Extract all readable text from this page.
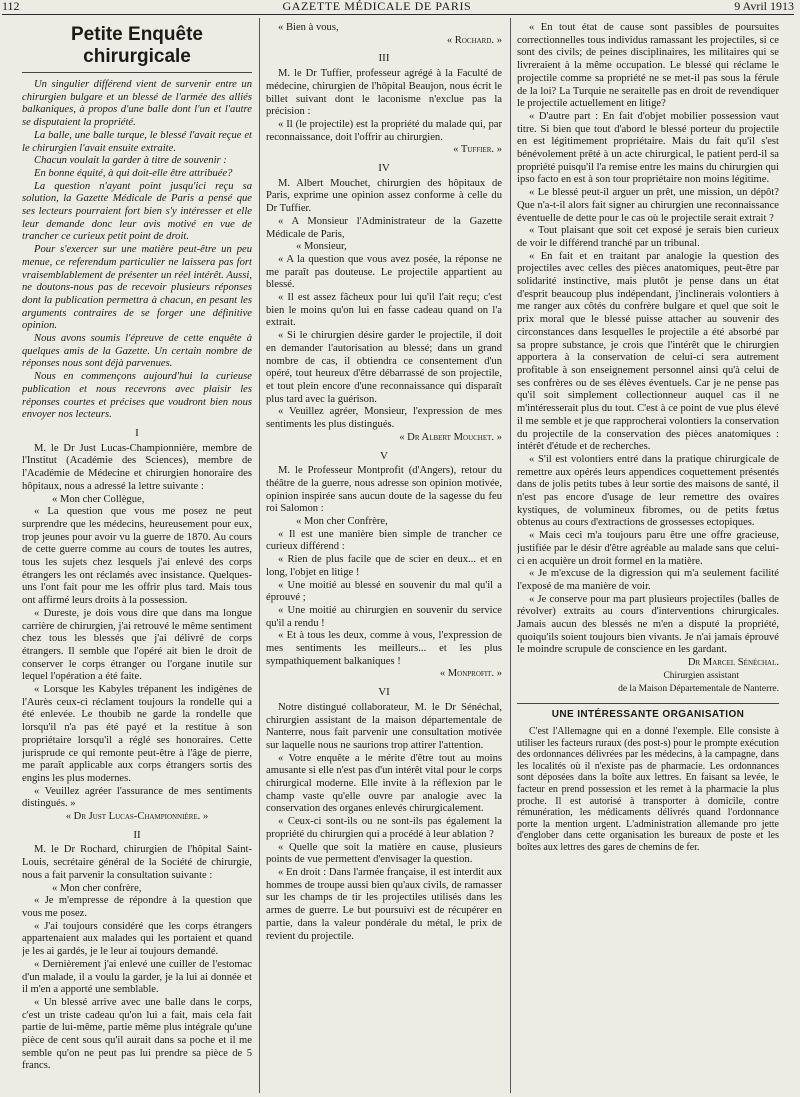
112	GAZETTE MÉDICALE DE PARIS	9 Avril 1913
Petite Enquête chirurgicale

Un singulier différend vient de survenir entre un chirurgien bulgare et un blessé de l'armée des alliés balkaniques, à propos d'une balle dont l'un et l'autre se disputaient la propriété.

La balle, une balle turque, le blessé l'avait reçue et le chirurgien l'avait ensuite extraite.

Chacun voulait la garder à titre de souvenir :

En bonne équité, à qui doit-elle être attribuée?

La question n'ayant point jusqu'ici reçu sa solution, la Gazette Médicale de Paris a pensé que ses lecteurs pourraient fort bien s'y intéresser et elle leur demande donc leur avis motivé en vue de trancher ce curieux petit point de droit.

Pour s'exercer sur une matière peut-être un peu menue, ce referendum particulier ne laissera pas fort vraisemblablement de présenter un réel intérêt. Aussi, ne doutons-nous pas de recevoir plusieurs réponses dont la publication permettra à chacun, en pesant les arguments contraires de se forger une définitive opinion.

Nous avons soumis l'épreuve de cette enquête à quelques amis de la Gazette. Un certain nombre de réponses nous sont déjà parvenues.

Nous en commençons aujourd'hui la curieuse publication et nous recevrons avec plaisir les réponses courtes et précises que voudront bien nous envoyer nos lecteurs.

I

M. le Dr Just Lucas-Championnière, membre de l'Institut (Académie des Sciences), membre de l'Académie de Médecine et chirurgien honoraire des hôpitaux, nous a adressé la lettre suivante :

« Mon cher Collègue,

« La question que vous me posez ne peut surprendre que les médecins, heureusement pour eux, trop jeunes pour avoir vu la guerre de 1870. Au cours de cette guerre comme au cours de toutes les autres, tous les sujets chez lesquels j'ai enlevé des corps étrangers les ont réclamés avec insistance. Quelques-uns l'ont fait pour me les offrir plus tard. Mais tous ont affirmé leurs droits à la possession.

« Dureste, je dois vous dire que dans ma longue carrière de chirurgien, j'ai retrouvé le même sentiment chez tous les blessés que j'ai délivré de corps étrangers. Il semble que l'opéré ait bien le droit de conserver le corps étranger ou l'organe inutile sur lequel l'opération a été faite.

« Lorsque les Kabyles trépanent les indigènes de l'Aurès ceux-ci réclament toujours la rondelle qui a été enlevée. Le thoubib ne garde la rondelle que lorsqu'il n'a pas été payé et la restitue à son propriétaire lorsqu'il a réglé ses honoraires. Cette jurisprude ce qui remonte peut-être à l'âge de pierre, me paraît applicable aux corps étrangers sortis des engins les plus modernes.

« Veuillez agréer l'assurance de mes sentiments distingués. »

« Dr Just Lucas-Championnière. »

II

M. le Dr Rochard, chirurgien de l'hôpital Saint-Louis, secrétaire général de la Société de chirurgie, nous a fait parvenir la consultation suivante :

« Mon cher confrère,

« Je m'empresse de répondre à la question que vous me posez.

« J'ai toujours considéré que les corps étrangers appartenaient aux malades qui les portaient et quand je les ai gardés, je le leur ai toujours demandé.

« Dernièrement j'ai enlevé une cuiller de l'estomac d'un malade, il a voulu la garder, je la lui ai donnée et il m'en a apporté une semblable.

« Un blessé arrive avec une balle dans le corps, c'est un triste cadeau qu'on lui a fait, mais cela fait partie de lui-même, partie même plus intégrale qu'une pièce de cent sous qu'il aurait dans sa poche et il me semble qu'on ne peut pas lui prendre sa pièce de 5 francs.

« Bien à vous,

« Rochard. »

III

M. le Dr Tuffier, professeur agrégé à la Faculté de médecine, chirurgien de l'hôpital Beaujon, nous écrit le billet suivant dont le laconisme n'exclue pas la précision :

« Il (le projectile) est la propriété du malade qui, par reconnaissance, doit l'offrir au chirurgien.

« Tuffier. »

IV

M. Albert Mouchet, chirurgien des hôpitaux de Paris, exprime une opinion assez conforme à celle du Dr Tuffier.

« A Monsieur l'Administrateur de la Gazette Médicale de Paris,

« Monsieur,

« A la question que vous avez posée, la réponse ne me paraît pas douteuse. Le projectile appartient au blessé.

« Il est assez fâcheux pour lui qu'il l'ait reçu; c'est bien le moins qu'on lui en fasse cadeau quand on l'a extrait.

« Si le chirurgien désire garder le projectile, il doit en demander l'autorisation au blessé; dans un grand nombre de cas, il obtiendra ce consentement d'un opéré, tout heureux d'être débarrassé de son projectile, et tout plein encore d'une reconnaissance qui disparaît plus tard avec la guérison.

« Veuillez agréer, Monsieur, l'expression de mes sentiments les plus distingués.

« Dr Albert Mouchet. »

V

M. le Professeur Montprofit (d'Angers), retour du théâtre de la guerre, nous adresse son opinion motivée, opinion inspirée sans aucun doute de la sagesse du feu roi Salomon :

« Mon cher Confrère,

« Il est une manière bien simple de trancher ce curieux différend :

« Rien de plus facile que de scier en deux... et en long, l'objet en litige !

« Une moitié au blessé en souvenir du mal qu'il a éprouvé ;

« Une moitié au chirurgien en souvenir du service qu'il a rendu !

« Et à tous les deux, comme à vous, l'expression de mes sentiments les meilleurs... et les plus sympathiquement balkaniques !

« Monprofit. »

VI

Notre distingué collaborateur, M. le Dr Sénéchal, chirurgien assistant de la maison départementale de Nanterre, nous fait parvenir une consultation motivée sur laquelle nous ne saurions trop attirer l'attention.

« Votre enquête a le mérite d'être tout au moins amusante si elle n'est pas d'un intérêt vital pour le corps chirurgical moderne. Elle invite à la réflexion par le champ vaste qu'elle ouvre par analogie avec la conservation des organes enlevés chirurgicalement.

« Ceux-ci sont-ils ou ne sont-ils pas également la propriété du chirurgien qui a procédé à leur ablation ?

« Quelle que soit la matière en cause, plusieurs points de vue permettent d'envisager la question.

« En droit : Dans l'armée française, il est interdit aux hommes de troupe aussi bien qu'aux civils, de ramasser sur les champs de tir les projectiles utilisés dans les armes de guerre. Le but poursuivi est de récupérer en partie, dans la valeur pondérale du métal, le prix de revient du projectile.

« En tout état de cause sont passibles de poursuites correctionnelles tous individus ramassant les projectiles, si ce sont des civils; de peines disciplinaires, les militaires qui se livreraient à la même occupation. Le blessé qui réclame le projectile comme sa propriété ne se met-il pas sous la férule de la loi? La Turquie ne seraitelle pas en droit de revendiquer le projectile actuellement en litige?

« D'autre part : En fait d'objet mobilier possession vaut titre. Si bien que tout d'abord le blessé porteur du projectile en est légitimement propriétaire. Mais du fait qu'il s'est bénévolement prêté à un acte chirurgical, le patient perd-il sa propriété puisqu'il l'a remise entre les mains du chirurgien qui ipso facto en est à son tour propriétaire non moins légitime.

« Le blessé peut-il arguer un prêt, une mission, un dépôt? Que n'a-t-il alors fait signer au chirurgien une reconnaissance éventuelle de dette pour le cas où le projectile serait extrait ?

« Tout plaisant que soit cet exposé je serais bien curieux de voir le différend tranché par un tribunal.

« En fait et en traitant par analogie la question des projectiles avec celles des pièces anatomiques, peut-être par solidarité instinctive, mais plutôt je pense dans un état d'esprit beaucoup plus indépendant, j'inclinerais volontiers à me ranger aux côtés du confrère bulgare et quel que soit le prix moral que le blessé puisse attacher au souvenir des circonstances dans lesquelles le projectile a été absorbé par sa propre substance, je crois que l'intérêt que le chirurgien apportera à la conservation de celui-ci sera autrement profitable à son enseignement personnel ainsi qu'à celui de ses confrères ou de ses élèves éventuels. Car je ne pense pas qu'il soit simplement collectionneur auquel cas il ne m'intéresserait plus du tout. C'est à ce point de vue plus élevé il me semble et je que rapprocherai volontiers la conservation du projectile de la conservation des pièces anatomiques : intérêt d'étude et de recherches.

« S'il est volontiers entré dans la pratique chirurgicale de remettre aux opérés leurs appendices coquettement présentés dans de jolis petits tubes à leur sortie des maisons de santé, il n'est pas encore d'usage de leur remettre des ovaires kystiques, de volumineux fibromes, ou de petits fœtus obtenus au cours d'extractions de grossesses ectopiques.

« Mais ceci m'a toujours paru être une offre gracieuse, justifiée par le désir d'être agréable au malade sans que celui-ci en acquière un droit formel en la matière.

« Je m'excuse de la digression qui m'a seulement facilité l'exposé de ma manière de voir.

« Je conserve pour ma part plusieurs projectiles (balles de révolver) extraits au cours d'interventions chirurgicales. Jamais aucun des blessés ne m'en a disputé la propriété, quoiqu'ils soient toujours bien vivants. Je n'ai jamais éprouvé le moindre scrupule de conscience en les gardant.

Dr Marcel Sénéchal.

Chirurgien assistant

de la Maison Départementale de Nanterre.

UNE INTÉRESSANTE ORGANISATION

C'est l'Allemagne qui en a donné l'exemple. Elle consiste à utiliser les facteurs ruraux (des post-s) pour le prompte exécution des ordonnances délivrées par les médecins, à la campagne, dans les localités où il n'existe pas de pharmacie. Les ordonnances sont déposées dans la boîte aux lettres. En faisant sa levée, le facteur en prend possession et les remet à la pharmacie la plus proche. Il est autorisé à transporter à domicile, contre rémunération, les médicaments délivrés quand l'ordonnance porte la mention urgent. L'administration allemande pro jette d'englober dans cette organisation les bureaux de poste et les boîtes aux lettres des gares de chemins de fer.
